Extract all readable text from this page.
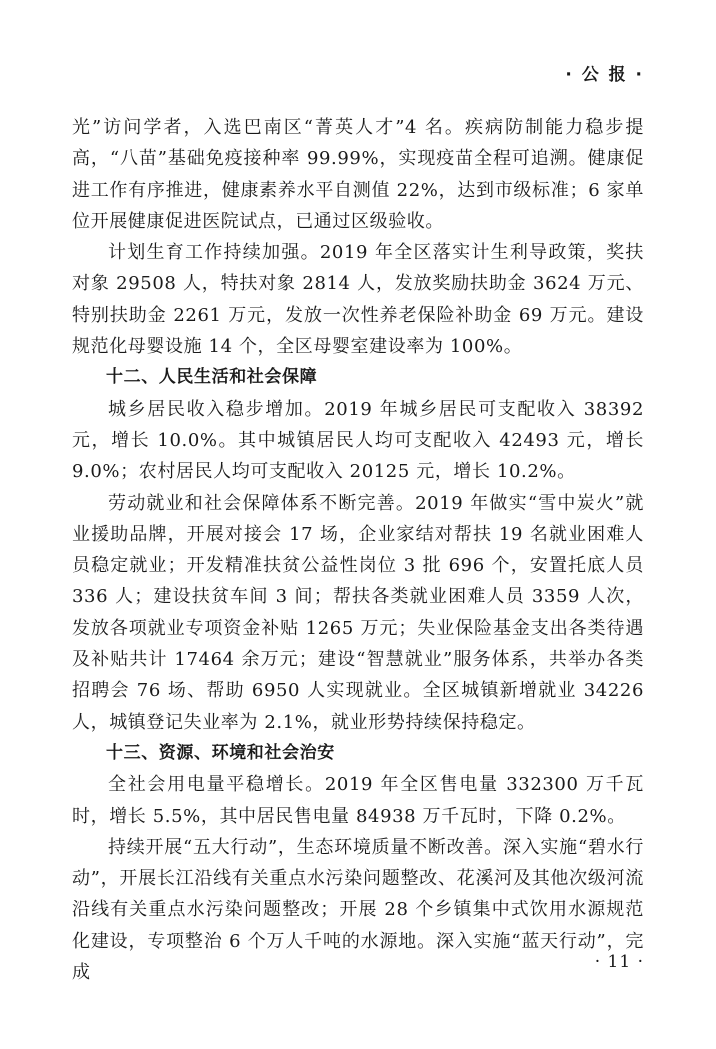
· 公 报 ·

光”访问学者，入选巴南区“菁英人才”4 名。疾病防制能力稳步提高，“八苗”基础免疫接种率 99.99%，实现疫苗全程可追溯。健康促进工作有序推进，健康素养水平自测值 22%，达到市级标准；6 家单位开展健康促进医院试点，已通过区级验收。

计划生育工作持续加强。2019 年全区落实计生利导政策，奖扶对象 29508 人，特扶对象 2814 人，发放奖励扶助金 3624 万元、特别扶助金 2261 万元，发放一次性养老保险补助金 69 万元。建设规范化母婴设施 14 个，全区母婴室建设率为 100%。

十二、人民生活和社会保障

城乡居民收入稳步增加。2019 年城乡居民可支配收入 38392 元，增长 10.0%。其中城镇居民人均可支配收入 42493 元，增长 9.0%；农村居民人均可支配收入 20125 元，增长 10.2%。

劳动就业和社会保障体系不断完善。2019 年做实“雪中炭火”就业援助品牌，开展对接会 17 场，企业家结对帮扶 19 名就业困难人员稳定就业；开发精准扶贫公益性岗位 3 批 696 个，安置托底人员 336 人；建设扶贫车间 3 间；帮扶各类就业困难人员 3359 人次，发放各项就业专项资金补贴 1265 万元；失业保险基金支出各类待遇及补贴共计 17464 余万元；建设“智慧就业”服务体系，共举办各类招聘会 76 场、帮助 6950 人实现就业。全区城镇新增就业 34226 人，城镇登记失业率为 2.1%，就业形势持续保持稳定。

十三、资源、环境和社会治安

全社会用电量平稳增长。2019 年全区售电量 332300 万千瓦时，增长 5.5%，其中居民售电量 84938 万千瓦时，下降 0.2%。

持续开展“五大行动”，生态环境质量不断改善。深入实施“碧水行动”，开展长江沿线有关重点水污染问题整改、花溪河及其他次级河流沿线有关重点水污染问题整改；开展 28 个乡镇集中式饮用水源规范化建设，专项整治 6 个万人千吨的水源地。深入实施“蓝天行动”，完成

· 11 ·
